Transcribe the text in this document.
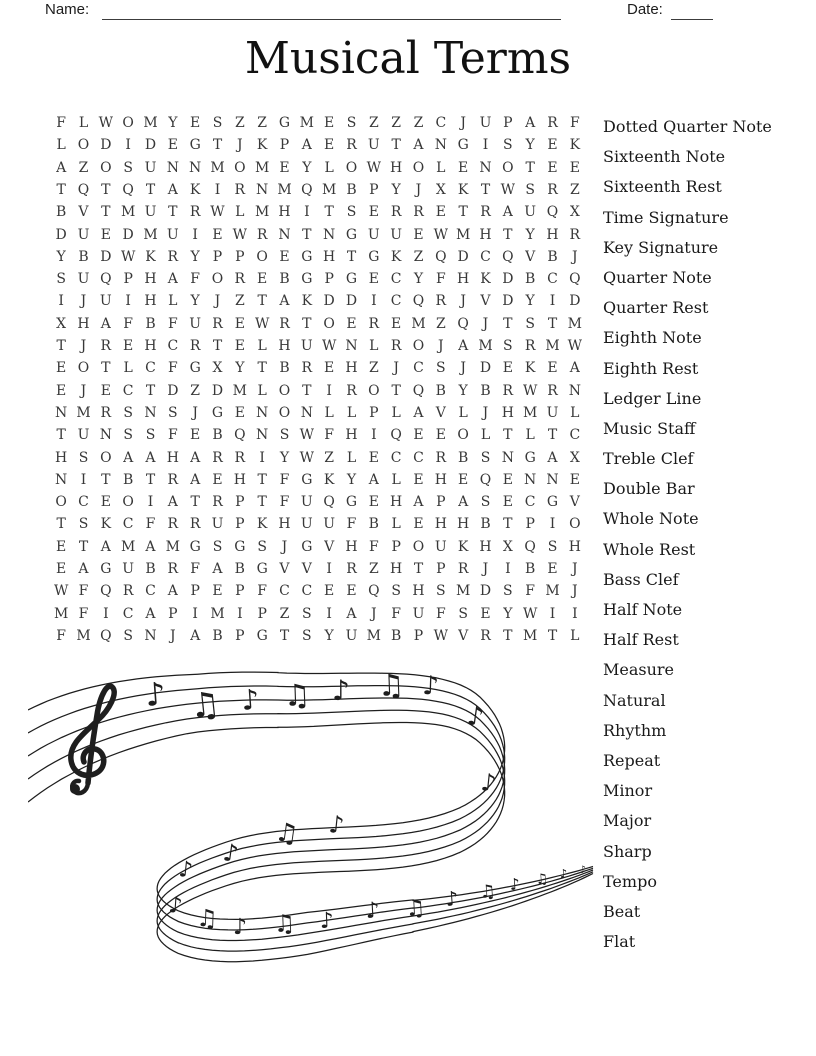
Name:	Date:
Musical Terms
F L W O M Y E S Z Z G M E S Z Z Z C	J U P A R F
L O D I D E G T	J	K P A E R U T A N G I	S Y E K
A Z O S U N N M O M E Y L O W H O L E N O T E E
T Q T Q T A K	I	R N M Q M B P Y	J	X K T W S R Z
B V T M U T R W L M H I	T S E R R E T R A U Q X
D U E D M U I	E W R N T N G U U E W M H T Y H R
Y B D W K R Y P P O E G H T G K Z Q D C Q V B	J
S U Q P H A F O R E B G P G E C Y F H K D B C Q
I	J U I H L Y	J	Z T A K D D I	C Q R	J	V D Y	I D
X H A F B F U R E W R T O E R E M Z Q J	T S T M
T	J	R E H C R T E L H U W N L R O J	A M S R M W
E O T L C F G X Y T B R E H Z	J	C S	J D E K E A
E	J	E C T D Z D M L O T	I	R O T Q B Y B R W R N
N M R S N S	J G E N O N L L P L A V L	J H M U L
T U N S S F E B Q N S W F H I Q E E O L T L T C
H S O A A H A R R	I	Y W Z L E C C R B S N G A X
N I	T B T R A E H T F G K Y A L E H E Q E N N E
O C E O I	A T R P T F U Q G E H A P A S E C G V
T S K C F R R U P K H U U F B L E H H B T P	I O
E T A M A M G S G S	J G V H F P O U K H X Q S H
E A G U B R F A B G V V	I	R Z H T P R	J	I	B E	J
W F Q R C A P E P F C C E E Q S H S M D S F M J
M F	I	C A P	I M I	P Z S	I	A	J	F U F S E Y W I	I
F M Q S N J	A B P G T S Y U M B P W V R T M T L
Dotted Quarter Note
Sixteenth Note
Sixteenth Rest
Time Signature
Key Signature
Quarter Note
Quarter Rest
Eighth Note
Eighth Rest
Ledger Line
Music Staff
Treble Clef
Double Bar
Whole Note
Whole Rest
Bass Clef
Half Note
Half Rest
Measure
Natural
Rhythm
Repeat
Minor
Major
Sharp
Tempo
Beat
Flat
♪ ♫ ♪ ♫ ♪ ♫ ♪
♪
♪
♪
♫
♪
♪
♪ ♫ ♪ ♫ ♪ ♪ ♫ ♪ ♫ ♪ ♫ ♪ ♪
